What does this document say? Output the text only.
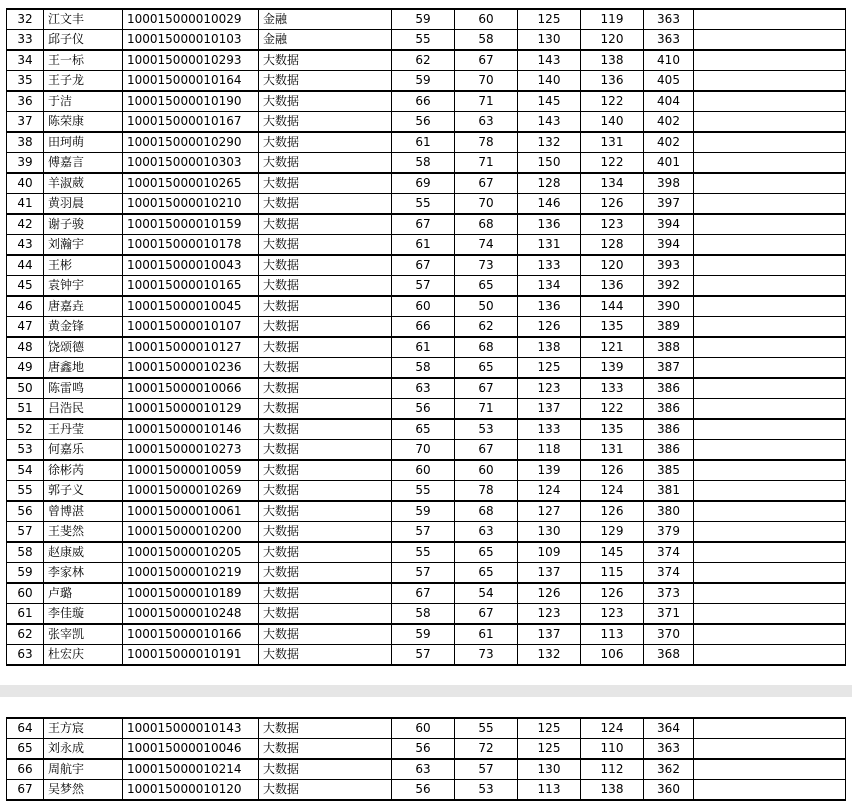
32	江文丰	100015000010029	金融	59	60	125	119	363	
33	邱子仪	100015000010103	金融	55	58	130	120	363	
34	王一标	100015000010293	大数据	62	67	143	138	410	
35	王子龙	100015000010164	大数据	59	70	140	136	405	
36	于洁	100015000010190	大数据	66	71	145	122	404	
37	陈荣康	100015000010167	大数据	56	63	143	140	402	
38	田珂萌	100015000010290	大数据	61	78	132	131	402	
39	傅嘉言	100015000010303	大数据	58	71	150	122	401	
40	羊淑葳	100015000010265	大数据	69	67	128	134	398	
41	黄羽晨	100015000010210	大数据	55	70	146	126	397	
42	谢子骏	100015000010159	大数据	67	68	136	123	394	
43	刘瀚宇	100015000010178	大数据	61	74	131	128	394	
44	王彬	100015000010043	大数据	67	73	133	120	393	
45	袁钟宇	100015000010165	大数据	57	65	134	136	392	
46	唐嘉垚	100015000010045	大数据	60	50	136	144	390	
47	黄金锋	100015000010107	大数据	66	62	126	135	389	
48	饶颂德	100015000010127	大数据	61	68	138	121	388	
49	唐鑫地	100015000010236	大数据	58	65	125	139	387	
50	陈雷鸣	100015000010066	大数据	63	67	123	133	386	
51	吕浩民	100015000010129	大数据	56	71	137	122	386	
52	王丹莹	100015000010146	大数据	65	53	133	135	386	
53	何嘉乐	100015000010273	大数据	70	67	118	131	386	
54	徐彬芮	100015000010059	大数据	60	60	139	126	385	
55	郭子义	100015000010269	大数据	55	78	124	124	381	
56	曾博湛	100015000010061	大数据	59	68	127	126	380	
57	王斐然	100015000010200	大数据	57	63	130	129	379	
58	赵康威	100015000010205	大数据	55	65	109	145	374	
59	李家林	100015000010219	大数据	57	65	137	115	374	
60	卢璐	100015000010189	大数据	67	54	126	126	373	
61	李佳璇	100015000010248	大数据	58	67	123	123	371	
62	张宰凯	100015000010166	大数据	59	61	137	113	370	
63	杜宏庆	100015000010191	大数据	57	73	132	106	368	
64	王方宸	100015000010143	大数据	60	55	125	124	364	
65	刘永成	100015000010046	大数据	56	72	125	110	363	
66	周航宇	100015000010214	大数据	63	57	130	112	362	
67	吴梦然	100015000010120	大数据	56	53	113	138	360	
